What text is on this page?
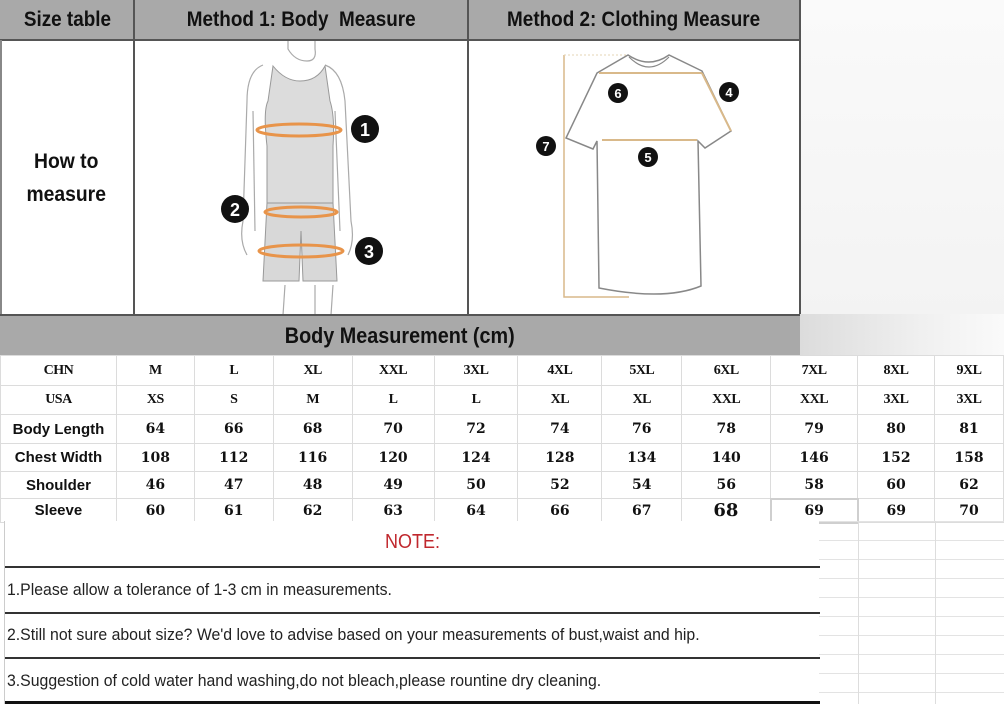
Size table	Method 1: Body  Measure	Method 2: Clothing Measure
How to
measure
1
2
3
6	4
7
5
Body Measurement (cm)
CHN	M	L	XL	XXL	3XL	4XL	5XL	6XL	7XL	8XL	9XL
USA	XS	S	M	L	L	XL	XL	XXL	XXL	3XL	3XL
Body Length	64	66	68	70	72	74	76	78	79	80	81
Chest Width	108	112	116	120	124	128	134	140	146	152	158
Shoulder	46	47	48	49	50	52	54	56	58	60	62
Sleeve	60	61	62	63	64	66	67	68	69	69	70
NOTE:
1.Please allow a tolerance of 1-3 cm in measurements.
2.Still not sure about size? We'd love to advise based on your measurements of bust,waist and hip.
3.Suggestion of cold water hand washing,do not bleach,please rountine dry cleaning.
